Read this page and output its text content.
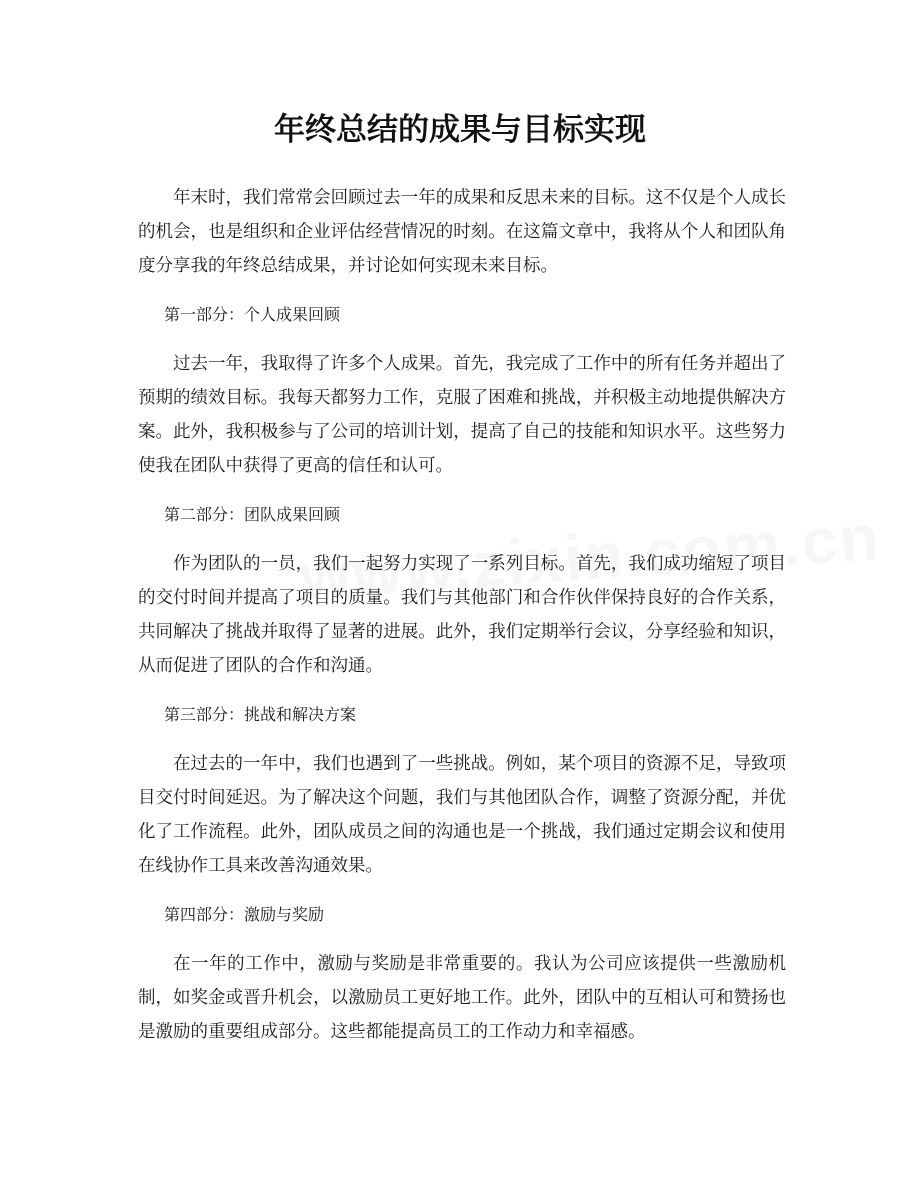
年终总结的成果与目标实现

年末时，我们常常会回顾过去一年的成果和反思未来的目标。这不仅是个人成长的机会，也是组织和企业评估经营情况的时刻。在这篇文章中，我将从个人和团队角度分享我的年终总结成果，并讨论如何实现未来目标。

第一部分：个人成果回顾

过去一年，我取得了许多个人成果。首先，我完成了工作中的所有任务并超出了预期的绩效目标。我每天都努力工作，克服了困难和挑战，并积极主动地提供解决方案。此外，我积极参与了公司的培训计划，提高了自己的技能和知识水平。这些努力使我在团队中获得了更高的信任和认可。

第二部分：团队成果回顾

作为团队的一员，我们一起努力实现了一系列目标。首先，我们成功缩短了项目的交付时间并提高了项目的质量。我们与其他部门和合作伙伴保持良好的合作关系，共同解决了挑战并取得了显著的进展。此外，我们定期举行会议，分享经验和知识，从而促进了团队的合作和沟通。

第三部分：挑战和解决方案

在过去的一年中，我们也遇到了一些挑战。例如，某个项目的资源不足，导致项目交付时间延迟。为了解决这个问题，我们与其他团队合作，调整了资源分配，并优化了工作流程。此外，团队成员之间的沟通也是一个挑战，我们通过定期会议和使用在线协作工具来改善沟通效果。

第四部分：激励与奖励

在一年的工作中，激励与奖励是非常重要的。我认为公司应该提供一些激励机制，如奖金或晋升机会，以激励员工更好地工作。此外，团队中的互相认可和赞扬也是激励的重要组成部分。这些都能提高员工的工作动力和幸福感。
